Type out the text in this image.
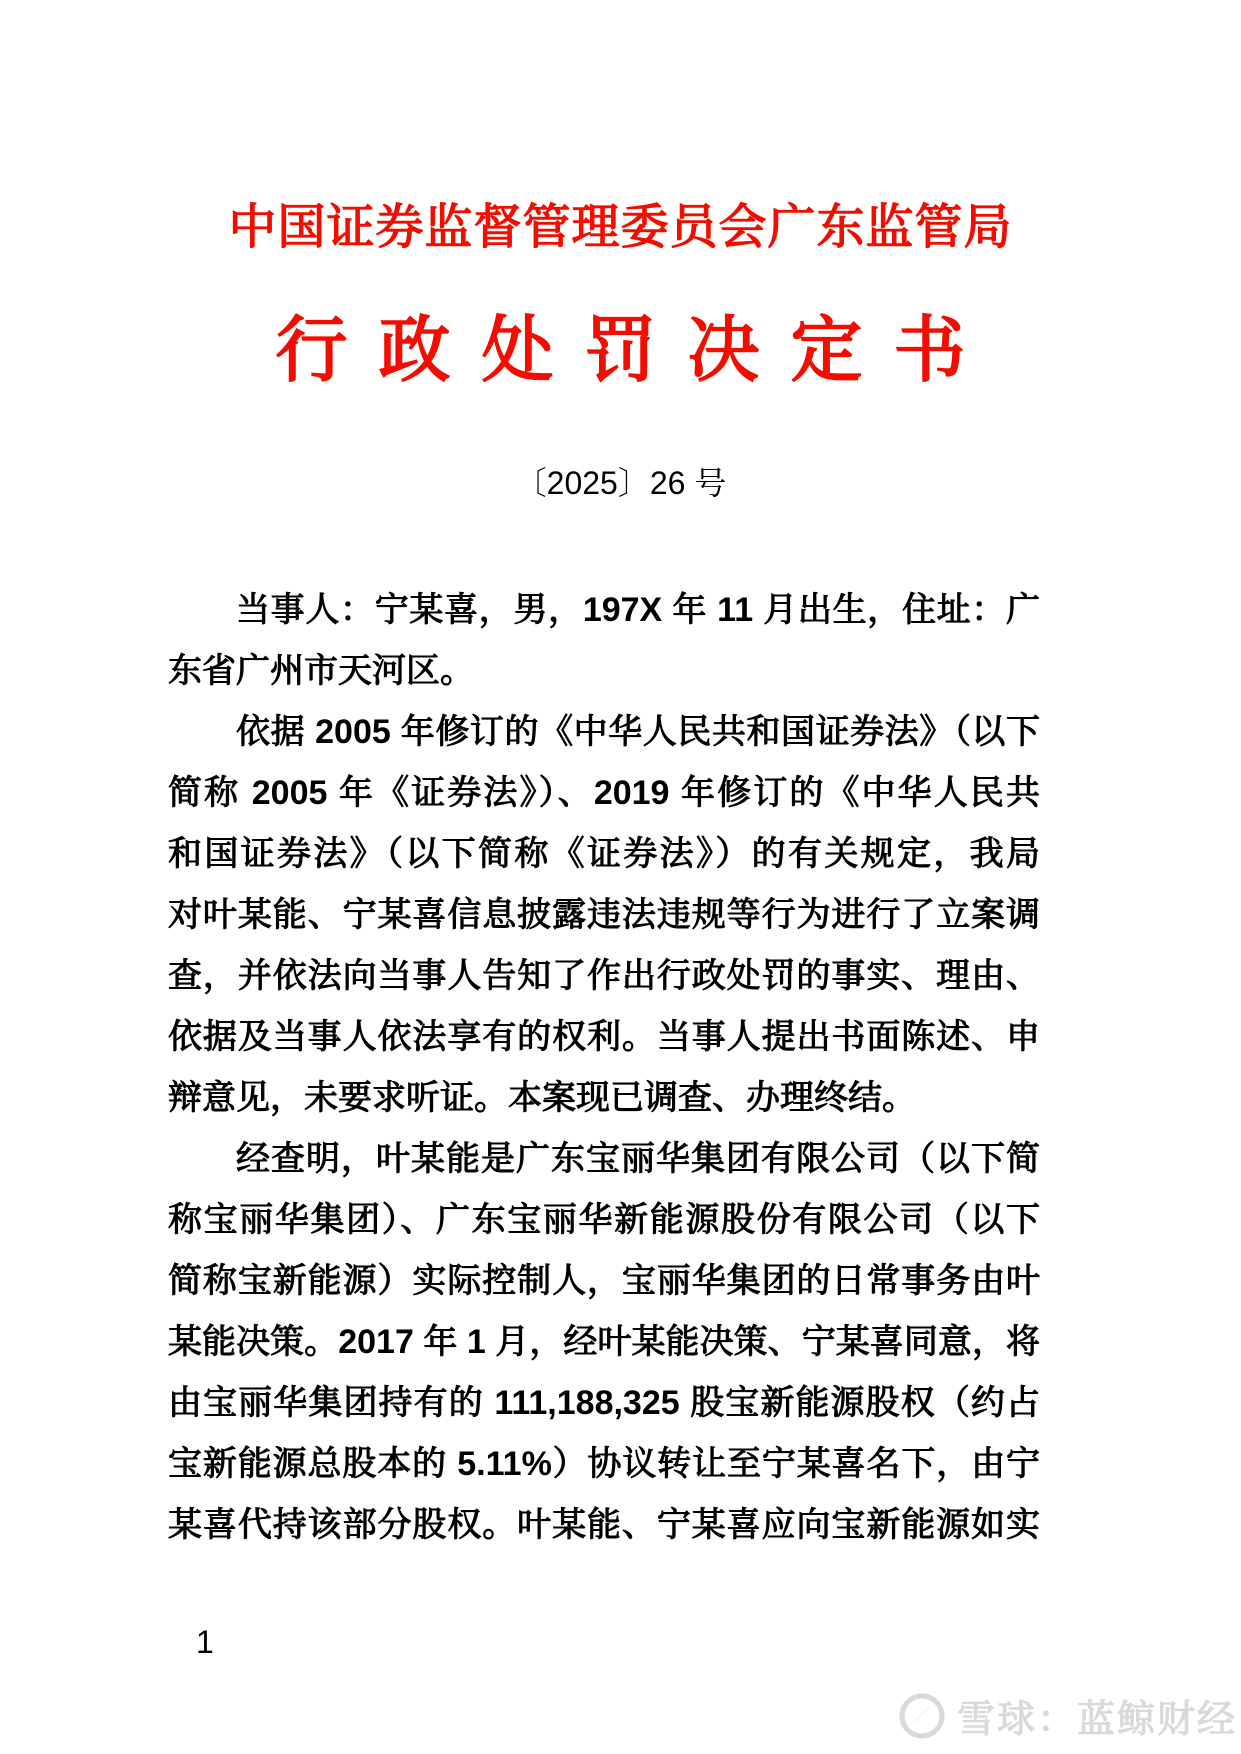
中国证券监督管理委员会广东监管局
行政处罚决定书
〔2025〕26 号
当事人：宁某喜，男，197X 年 11 月出生，住址：广
东省广州市天河区。
依据 2005 年修订的《中华人民共和国证券法》（以下
简称 2005 年《证券法》）、2019 年修订的《中华人民共
和国证券法》（以下简称《证券法》）的有关规定，我局
对叶某能、宁某喜信息披露违法违规等行为进行了立案调
查，并依法向当事人告知了作出行政处罚的事实、理由、
依据及当事人依法享有的权利。当事人提出书面陈述、申
辩意见，未要求听证。本案现已调查、办理终结。
经查明，叶某能是广东宝丽华集团有限公司（以下简
称宝丽华集团）、广东宝丽华新能源股份有限公司（以下
简称宝新能源）实际控制人，宝丽华集团的日常事务由叶
某能决策。2017 年 1 月，经叶某能决策、宁某喜同意，将
由宝丽华集团持有的 111,188,325 股宝新能源股权（约占
宝新能源总股本的 5.11%）协议转让至宁某喜名下，由宁
某喜代持该部分股权。叶某能、宁某喜应向宝新能源如实
1
雪球：蓝鲸财经
